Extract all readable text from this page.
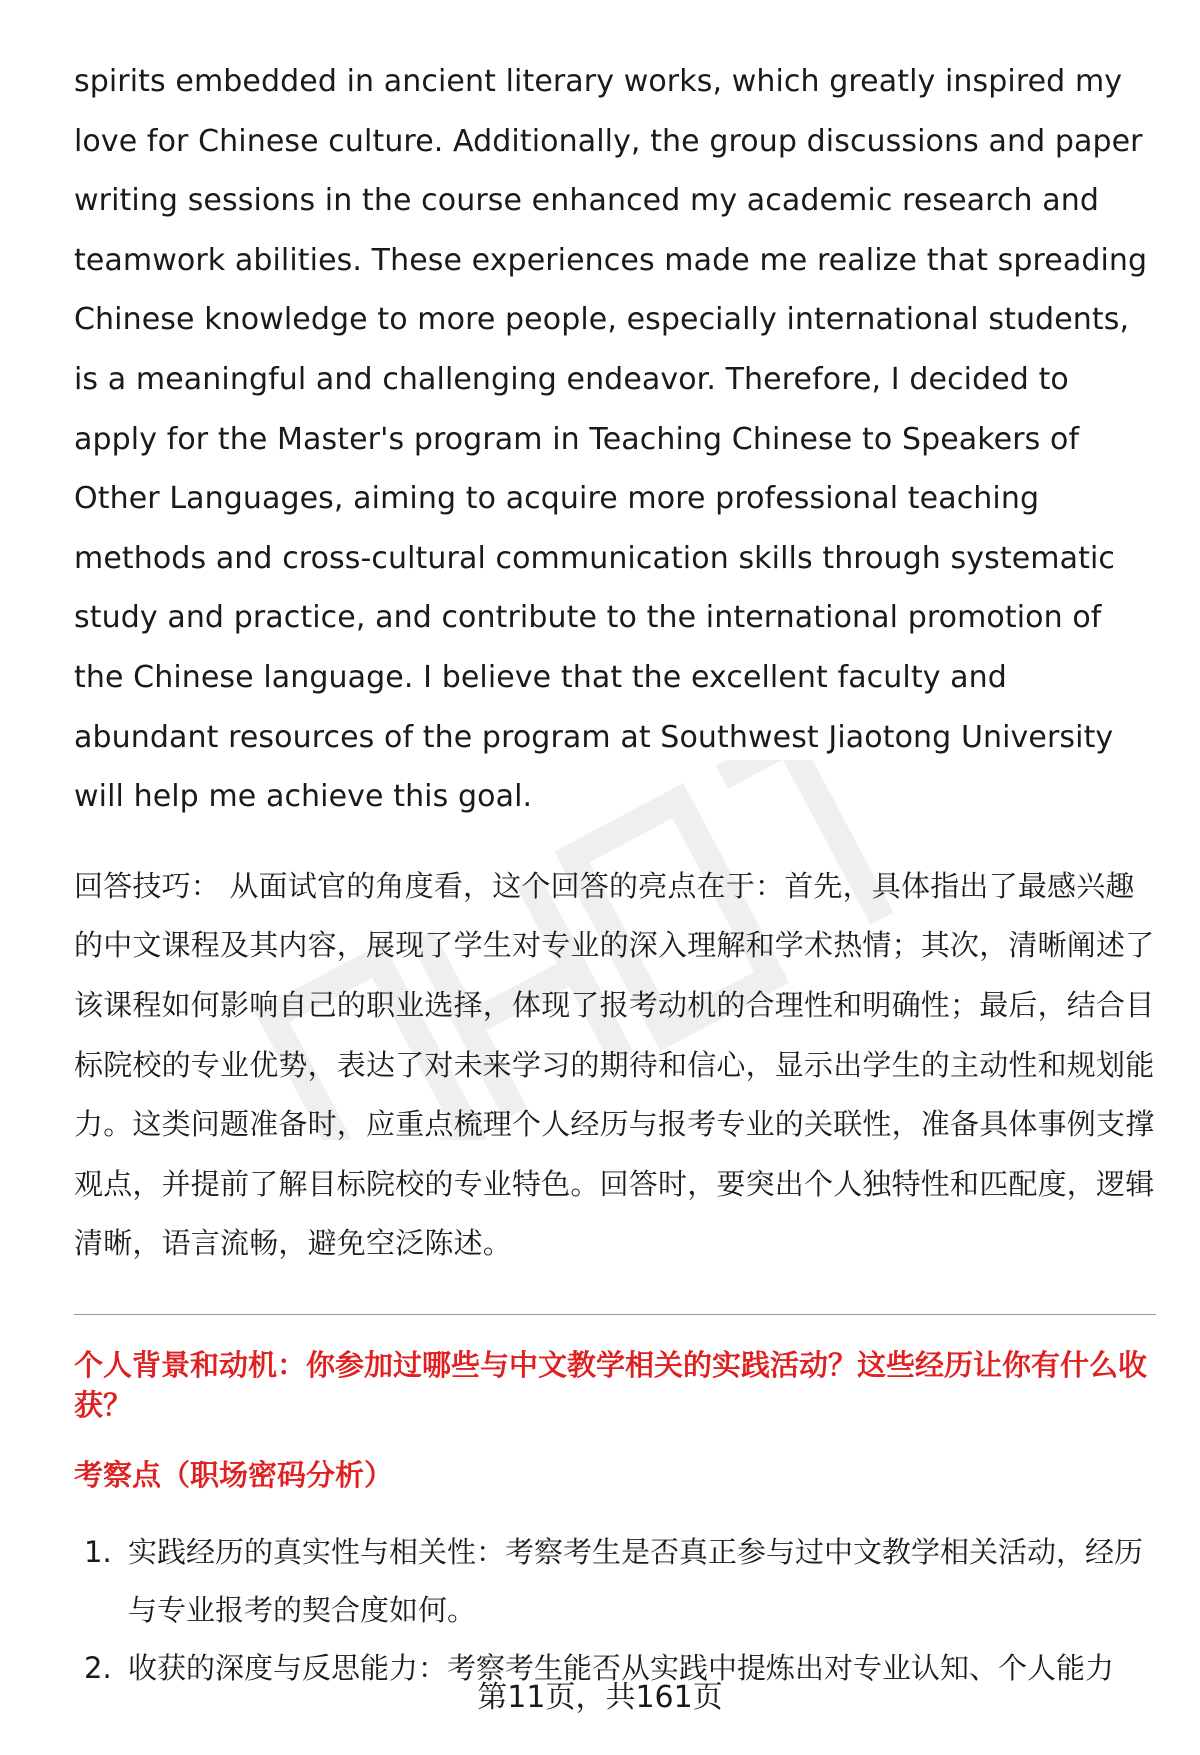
spirits embedded in ancient literary works, which greatly inspired my love for Chinese culture. Additionally, the group discussions and paper writing sessions in the course enhanced my academic research and teamwork abilities. These experiences made me realize that spreading Chinese knowledge to more people, especially international students, is a meaningful and challenging endeavor. Therefore, I decided to apply for the Master's program in Teaching Chinese to Speakers of Other Languages, aiming to acquire more professional teaching methods and cross-cultural communication skills through systematic study and practice, and contribute to the international promotion of the Chinese language. I believe that the excellent faculty and abundant resources of the program at Southwest Jiaotong University will help me achieve this goal.

回答技巧： 从面试官的角度看，这个回答的亮点在于：首先，具体指出了最感兴趣的中文课程及其内容，展现了学生对专业的深入理解和学术热情；其次，清晰阐述了该课程如何影响自己的职业选择，体现了报考动机的合理性和明确性；最后，结合目标院校的专业优势，表达了对未来学习的期待和信心，显示出学生的主动性和规划能力。这类问题准备时，应重点梳理个人经历与报考专业的关联性，准备具体事例支撑观点，并提前了解目标院校的专业特色。回答时，要突出个人独特性和匹配度，逻辑清晰，语言流畅，避免空泛陈述。

个人背景和动机：你参加过哪些与中文教学相关的实践活动？这些经历让你有什么收获？
考察点（职场密码分析）
1. 实践经历的真实性与相关性：考察考生是否真正参与过中文教学相关活动，经历与专业报考的契合度如何。
2. 收获的深度与反思能力：考察考生能否从实践中提炼出对专业认知、个人能力
第11页，共161页
